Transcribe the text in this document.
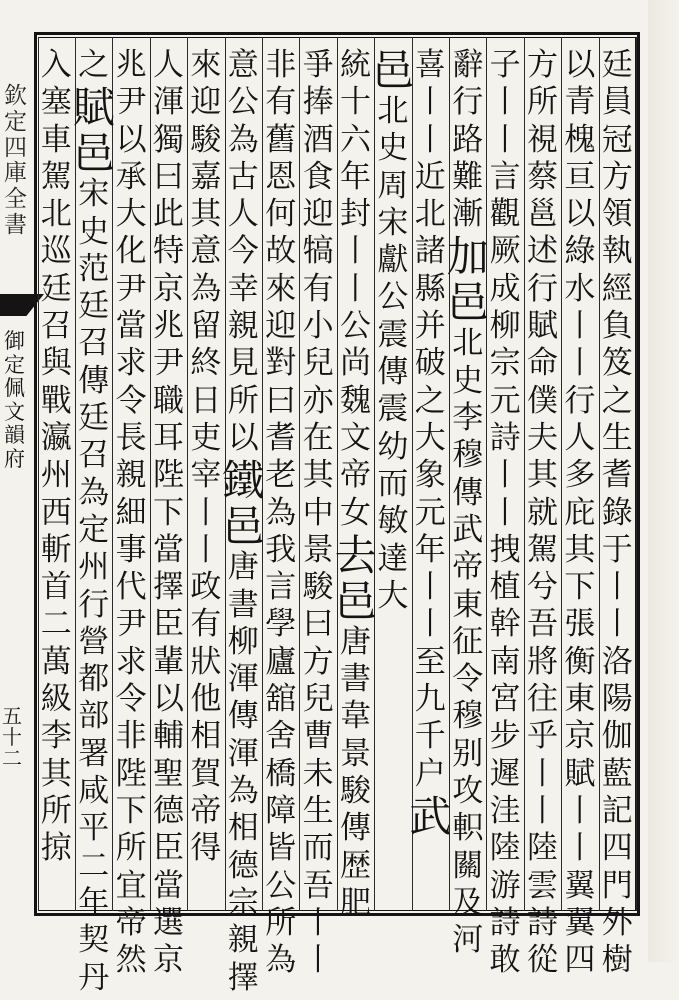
欽
定
四
庫
全
書
御
定
佩
文
韻
府
五
十
二
廷
員
冠
方
領
執
經
負
笈
之
生
耆
錄
于
丨
丨
洛
陽
伽
藍
記
四
門
外
樹
以
青
槐
亘
以
綠
水
丨
丨
行
人
多
庇
其
下
張
衡
東
京
賦
丨
丨
翼
翼
四
方
所
視
蔡
邕
述
行
賦
命
僕
夫
其
就
駕
兮
吾
將
往
乎
丨
丨
陸
雲
詩
從
子
丨
丨
言
觀
厥
成
柳
宗
元
詩
丨
丨
拽
植
幹
南
宮
步
遲
洼
陸
游
詩
敢
辭
行
路
難
漸
加
邑
北
史
李
穆
傳
武
帝
東
征
令
穆
别
攻
軹
關
及
河
喜
丨
丨
近
北
諸
縣
并
破
之
大
象
元
年
丨
丨
至
九
千
户
武
邑
北
史
周
宋
獻
公
震
傳
震
幼
而
敏
達
大
統
十
六
年
封
丨
丨
公
尚
魏
文
帝
女
去
邑
唐
書
韋
景
駿
傳
歴
肥
爭
捧
酒
食
迎
犒
有
小
兒
亦
在
其
中
景
駿
曰
方
兒
曹
未
生
而
吾
丨
丨
非
有
舊
恩
何
故
來
迎
對
曰
耆
老
為
我
言
學
廬
舘
舍
橋
障
皆
公
所
為
意
公
為
古
人
今
幸
親
見
所
以
鐵
邑
唐
書
柳
渾
傳
渾
為
相
德
宗
親
擇
來
迎
駿
嘉
其
意
為
留
終
日
吏
宰
丨
丨
政
有
狀
他
相
賀
帝
得
人
渾
獨
曰
此
特
京
兆
尹
職
耳
陛
下
當
擇
臣
輩
以
輔
聖
德
臣
當
選
京
兆
尹
以
承
大
化
尹
當
求
令
長
親
細
事
代
尹
求
令
非
陛
下
所
宜
帝
然
之
賦
邑
宋
史
范
廷
召
傳
廷
召
為
定
州
行
營
都
部
署
咸
平
二
年
契
丹
入
塞
車
駕
北
巡
廷
召
與
戰
瀛
州
西
斬
首
二
萬
級
李
其
所
掠
